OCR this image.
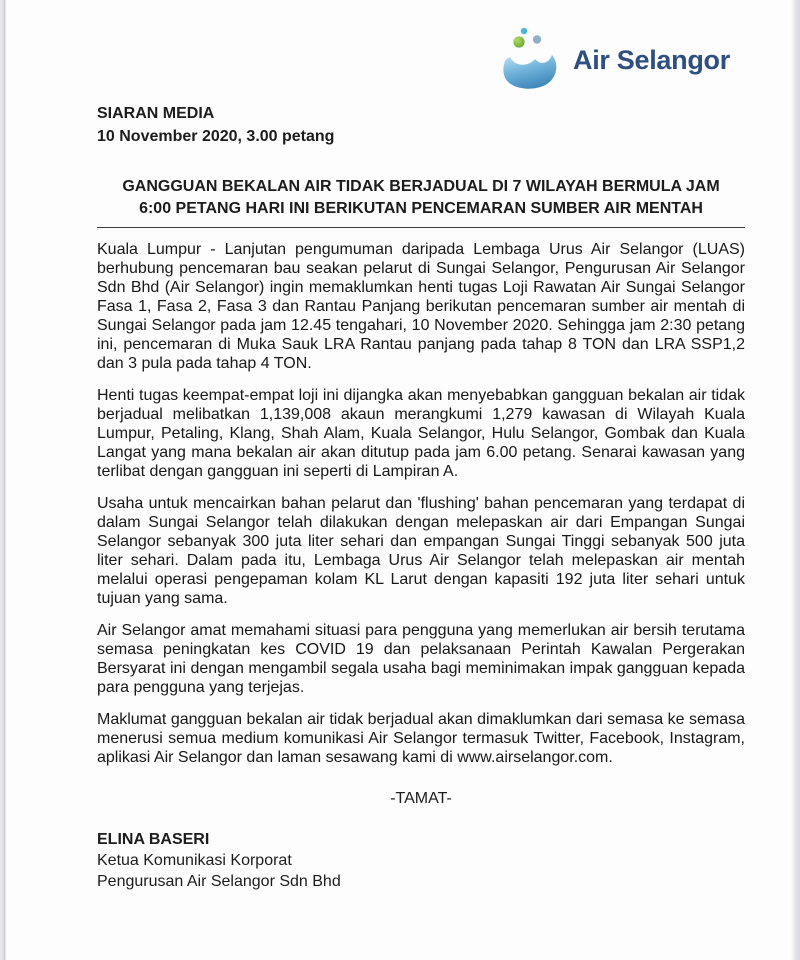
Air Selangor
SIARAN MEDIA
10 November 2020, 3.00 petang
GANGGUAN BEKALAN AIR TIDAK BERJADUAL DI 7 WILAYAH BERMULA JAM 6:00 PETANG HARI INI BERIKUTAN PENCEMARAN SUMBER AIR MENTAH

Kuala Lumpur - Lanjutan pengumuman daripada Lembaga Urus Air Selangor (LUAS) berhubung pencemaran bau seakan pelarut di Sungai Selangor, Pengurusan Air Selangor Sdn Bhd (Air Selangor) ingin memaklumkan henti tugas Loji Rawatan Air Sungai Selangor Fasa 1, Fasa 2, Fasa 3 dan Rantau Panjang berikutan pencemaran sumber air mentah di Sungai Selangor pada jam 12.45 tengahari, 10 November 2020. Sehingga jam 2:30 petang ini, pencemaran di Muka Sauk LRA Rantau panjang pada tahap 8 TON dan LRA SSP1,2 dan 3 pula pada tahap 4 TON.

Henti tugas keempat-empat loji ini dijangka akan menyebabkan gangguan bekalan air tidak berjadual melibatkan 1,139,008 akaun merangkumi 1,279 kawasan di Wilayah Kuala Lumpur, Petaling, Klang, Shah Alam, Kuala Selangor, Hulu Selangor, Gombak dan Kuala Langat yang mana bekalan air akan ditutup pada jam 6.00 petang. Senarai kawasan yang terlibat dengan gangguan ini seperti di Lampiran A.

Usaha untuk mencairkan bahan pelarut dan 'flushing' bahan pencemaran yang terdapat di dalam Sungai Selangor telah dilakukan dengan melepaskan air dari Empangan Sungai Selangor sebanyak 300 juta liter sehari dan empangan Sungai Tinggi sebanyak 500 juta liter sehari. Dalam pada itu, Lembaga Urus Air Selangor telah melepaskan air mentah melalui operasi pengepaman kolam KL Larut dengan kapasiti 192 juta liter sehari untuk tujuan yang sama.

Air Selangor amat memahami situasi para pengguna yang memerlukan air bersih terutama semasa peningkatan kes COVID 19 dan pelaksanaan Perintah Kawalan Pergerakan Bersyarat ini dengan mengambil segala usaha bagi meminimakan impak gangguan kepada para pengguna yang terjejas.

Maklumat gangguan bekalan air tidak berjadual akan dimaklumkan dari semasa ke semasa menerusi semua medium komunikasi Air Selangor termasuk Twitter, Facebook, Instagram, aplikasi Air Selangor dan laman sesawang kami di www.airselangor.com.

-TAMAT-
ELINA BASERI
Ketua Komunikasi Korporat
Pengurusan Air Selangor Sdn Bhd
